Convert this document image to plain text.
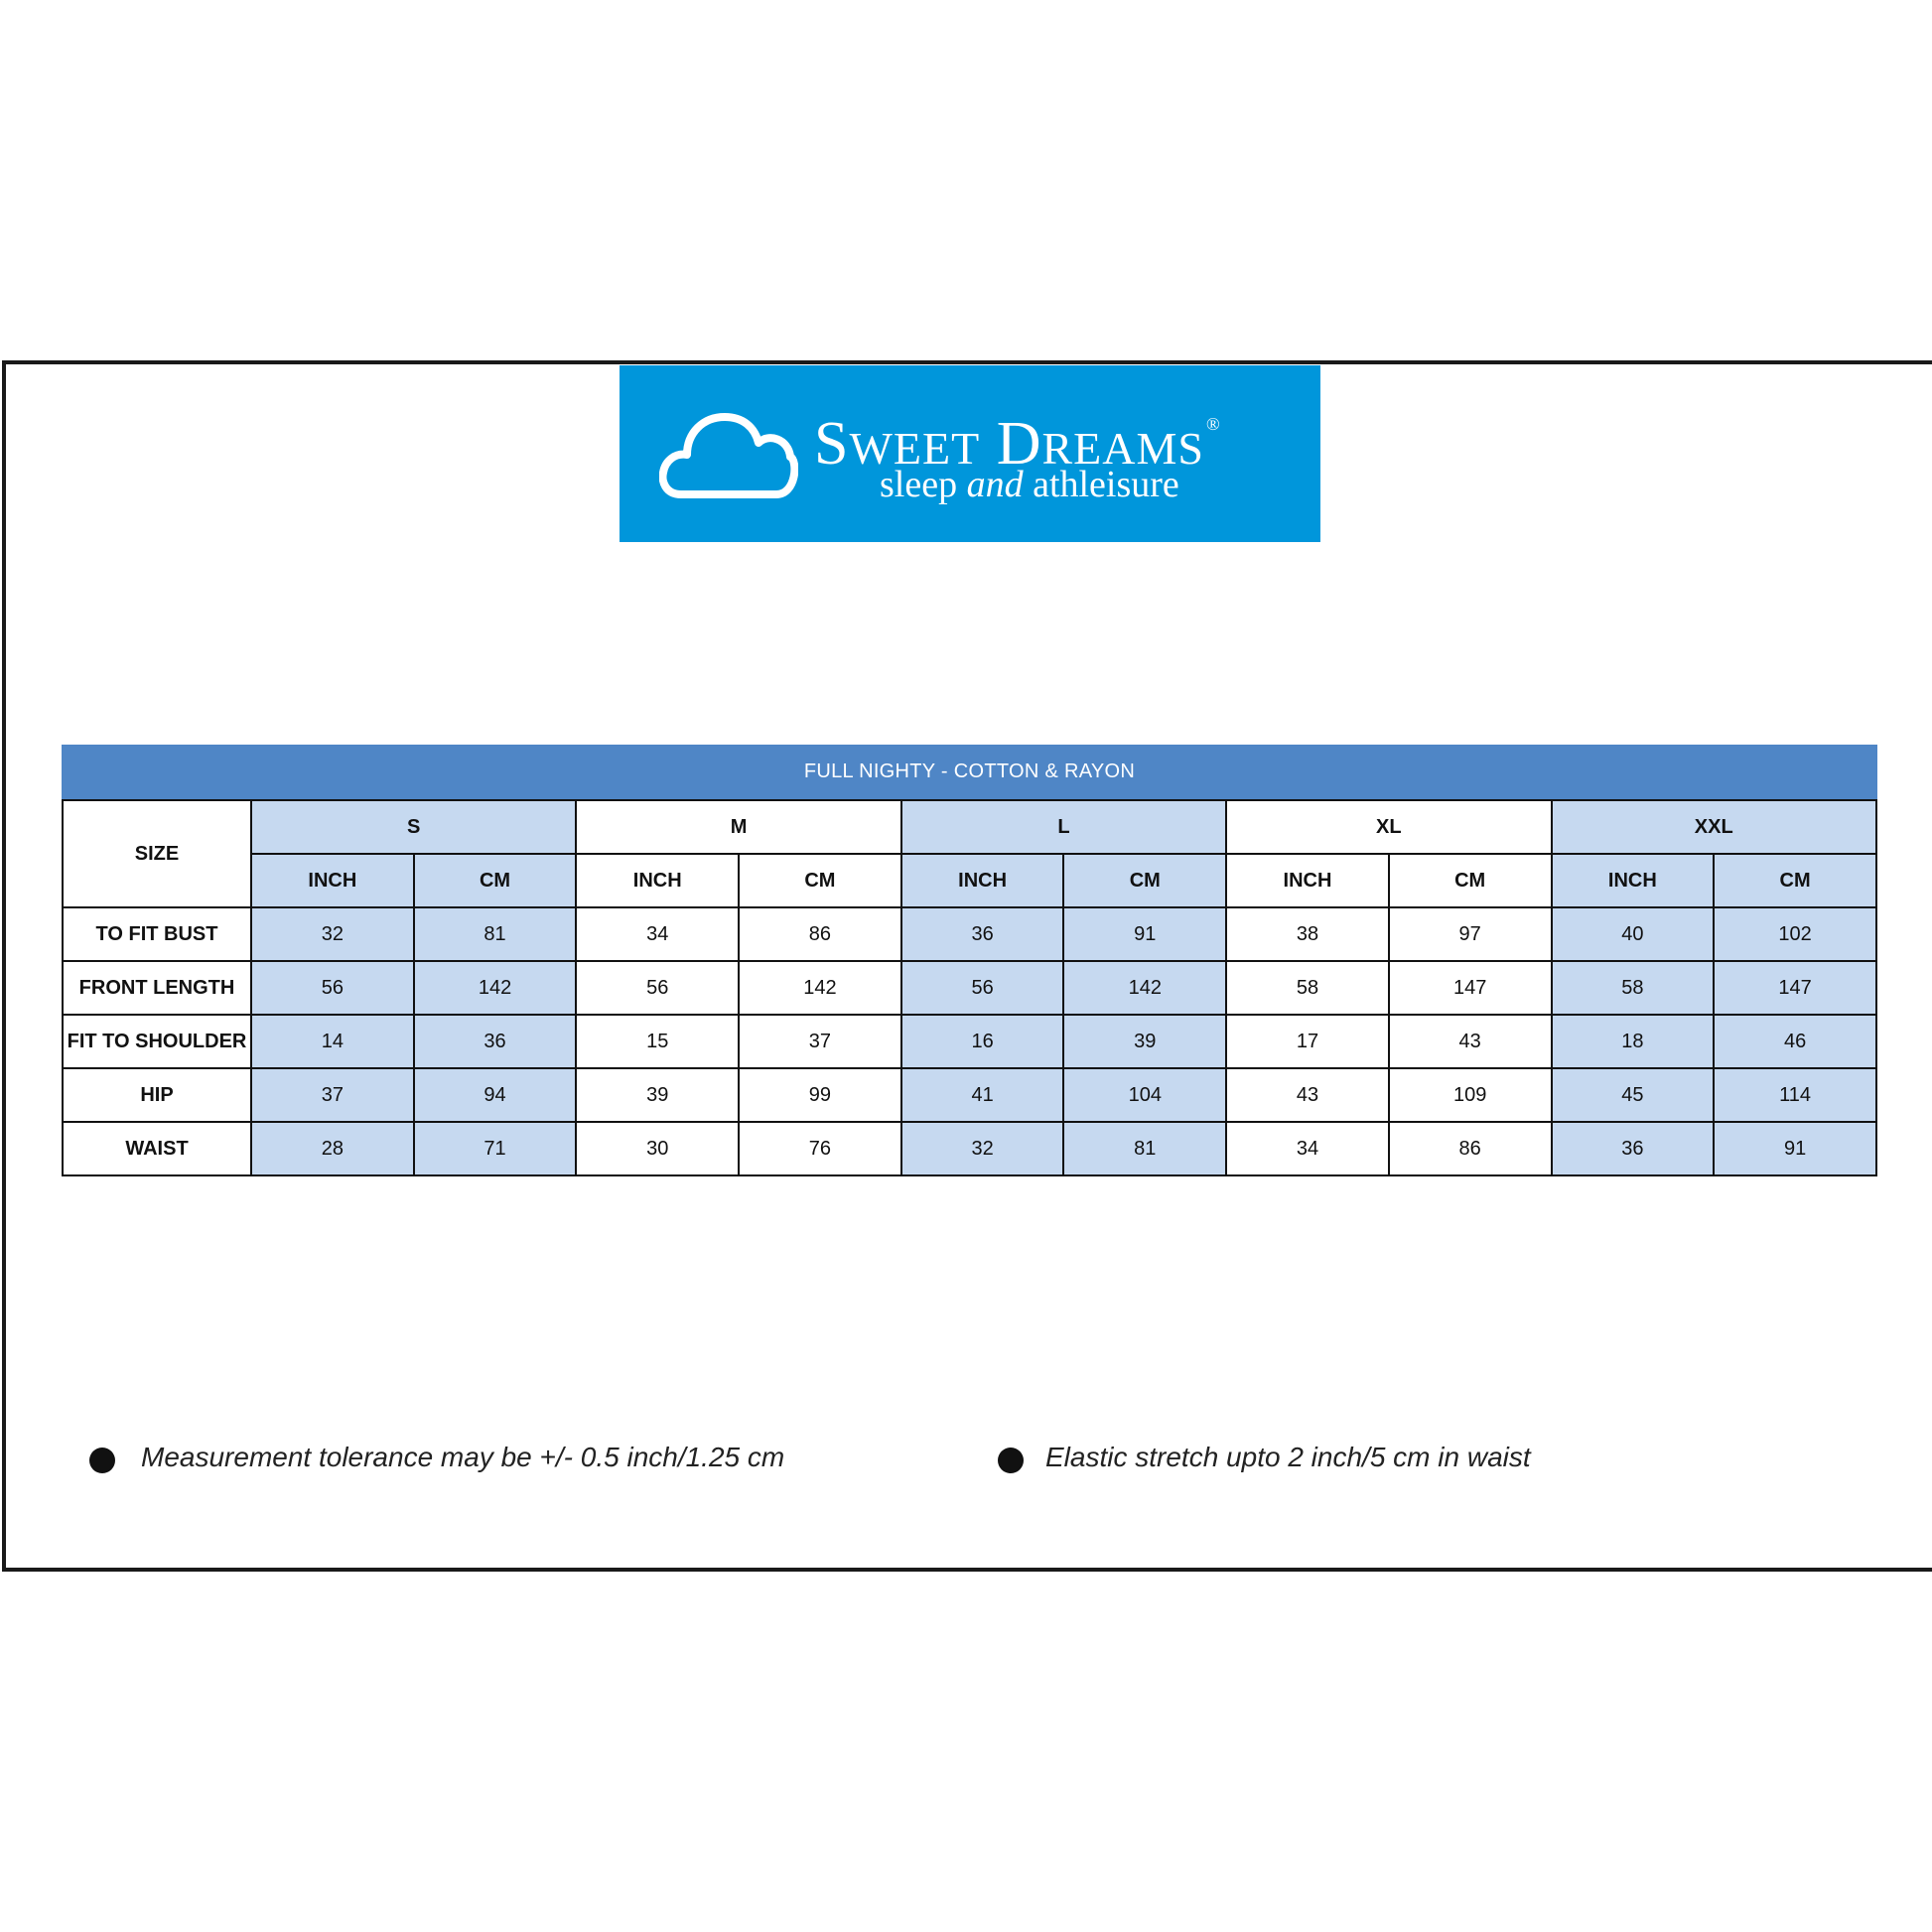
SWEET DREAMS ®
sleep and athleisure
FULL NIGHTY - COTTON & RAYON
SIZE	S		M		L		XL		XXL	
	INCH	CM	INCH	CM	INCH	CM	INCH	CM	INCH	CM
TO FIT BUST	32	81	34	86	36	91	38	97	40	102
FRONT LENGTH	56	142	56	142	56	142	58	147	58	147
FIT TO SHOULDER	14	36	15	37	16	39	17	43	18	46
HIP	37	94	39	99	41	104	43	109	45	114
WAIST	28	71	30	76	32	81	34	86	36	91
Measurement tolerance may be +/- 0.5 inch/1.25 cm	Elastic stretch upto 2 inch/5 cm in waist
